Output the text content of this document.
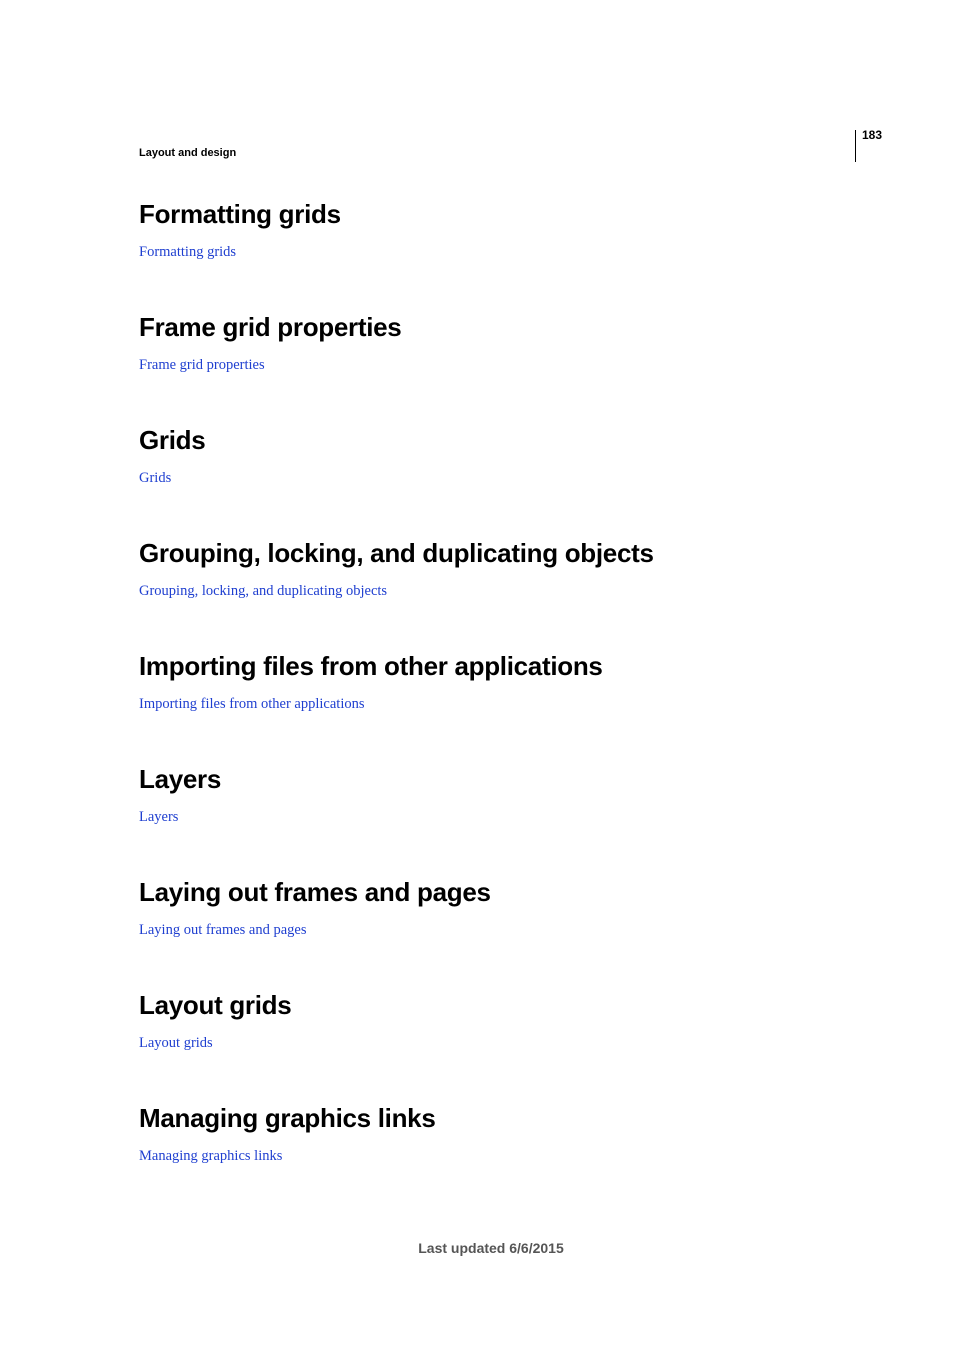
183
Layout and design
Formatting grids
Formatting grids
Frame grid properties
Frame grid properties
Grids
Grids
Grouping, locking, and duplicating objects
Grouping, locking, and duplicating objects
Importing files from other applications
Importing files from other applications
Layers
Layers
Laying out frames and pages
Laying out frames and pages
Layout grids
Layout grids
Managing graphics links
Managing graphics links
Last updated 6/6/2015
